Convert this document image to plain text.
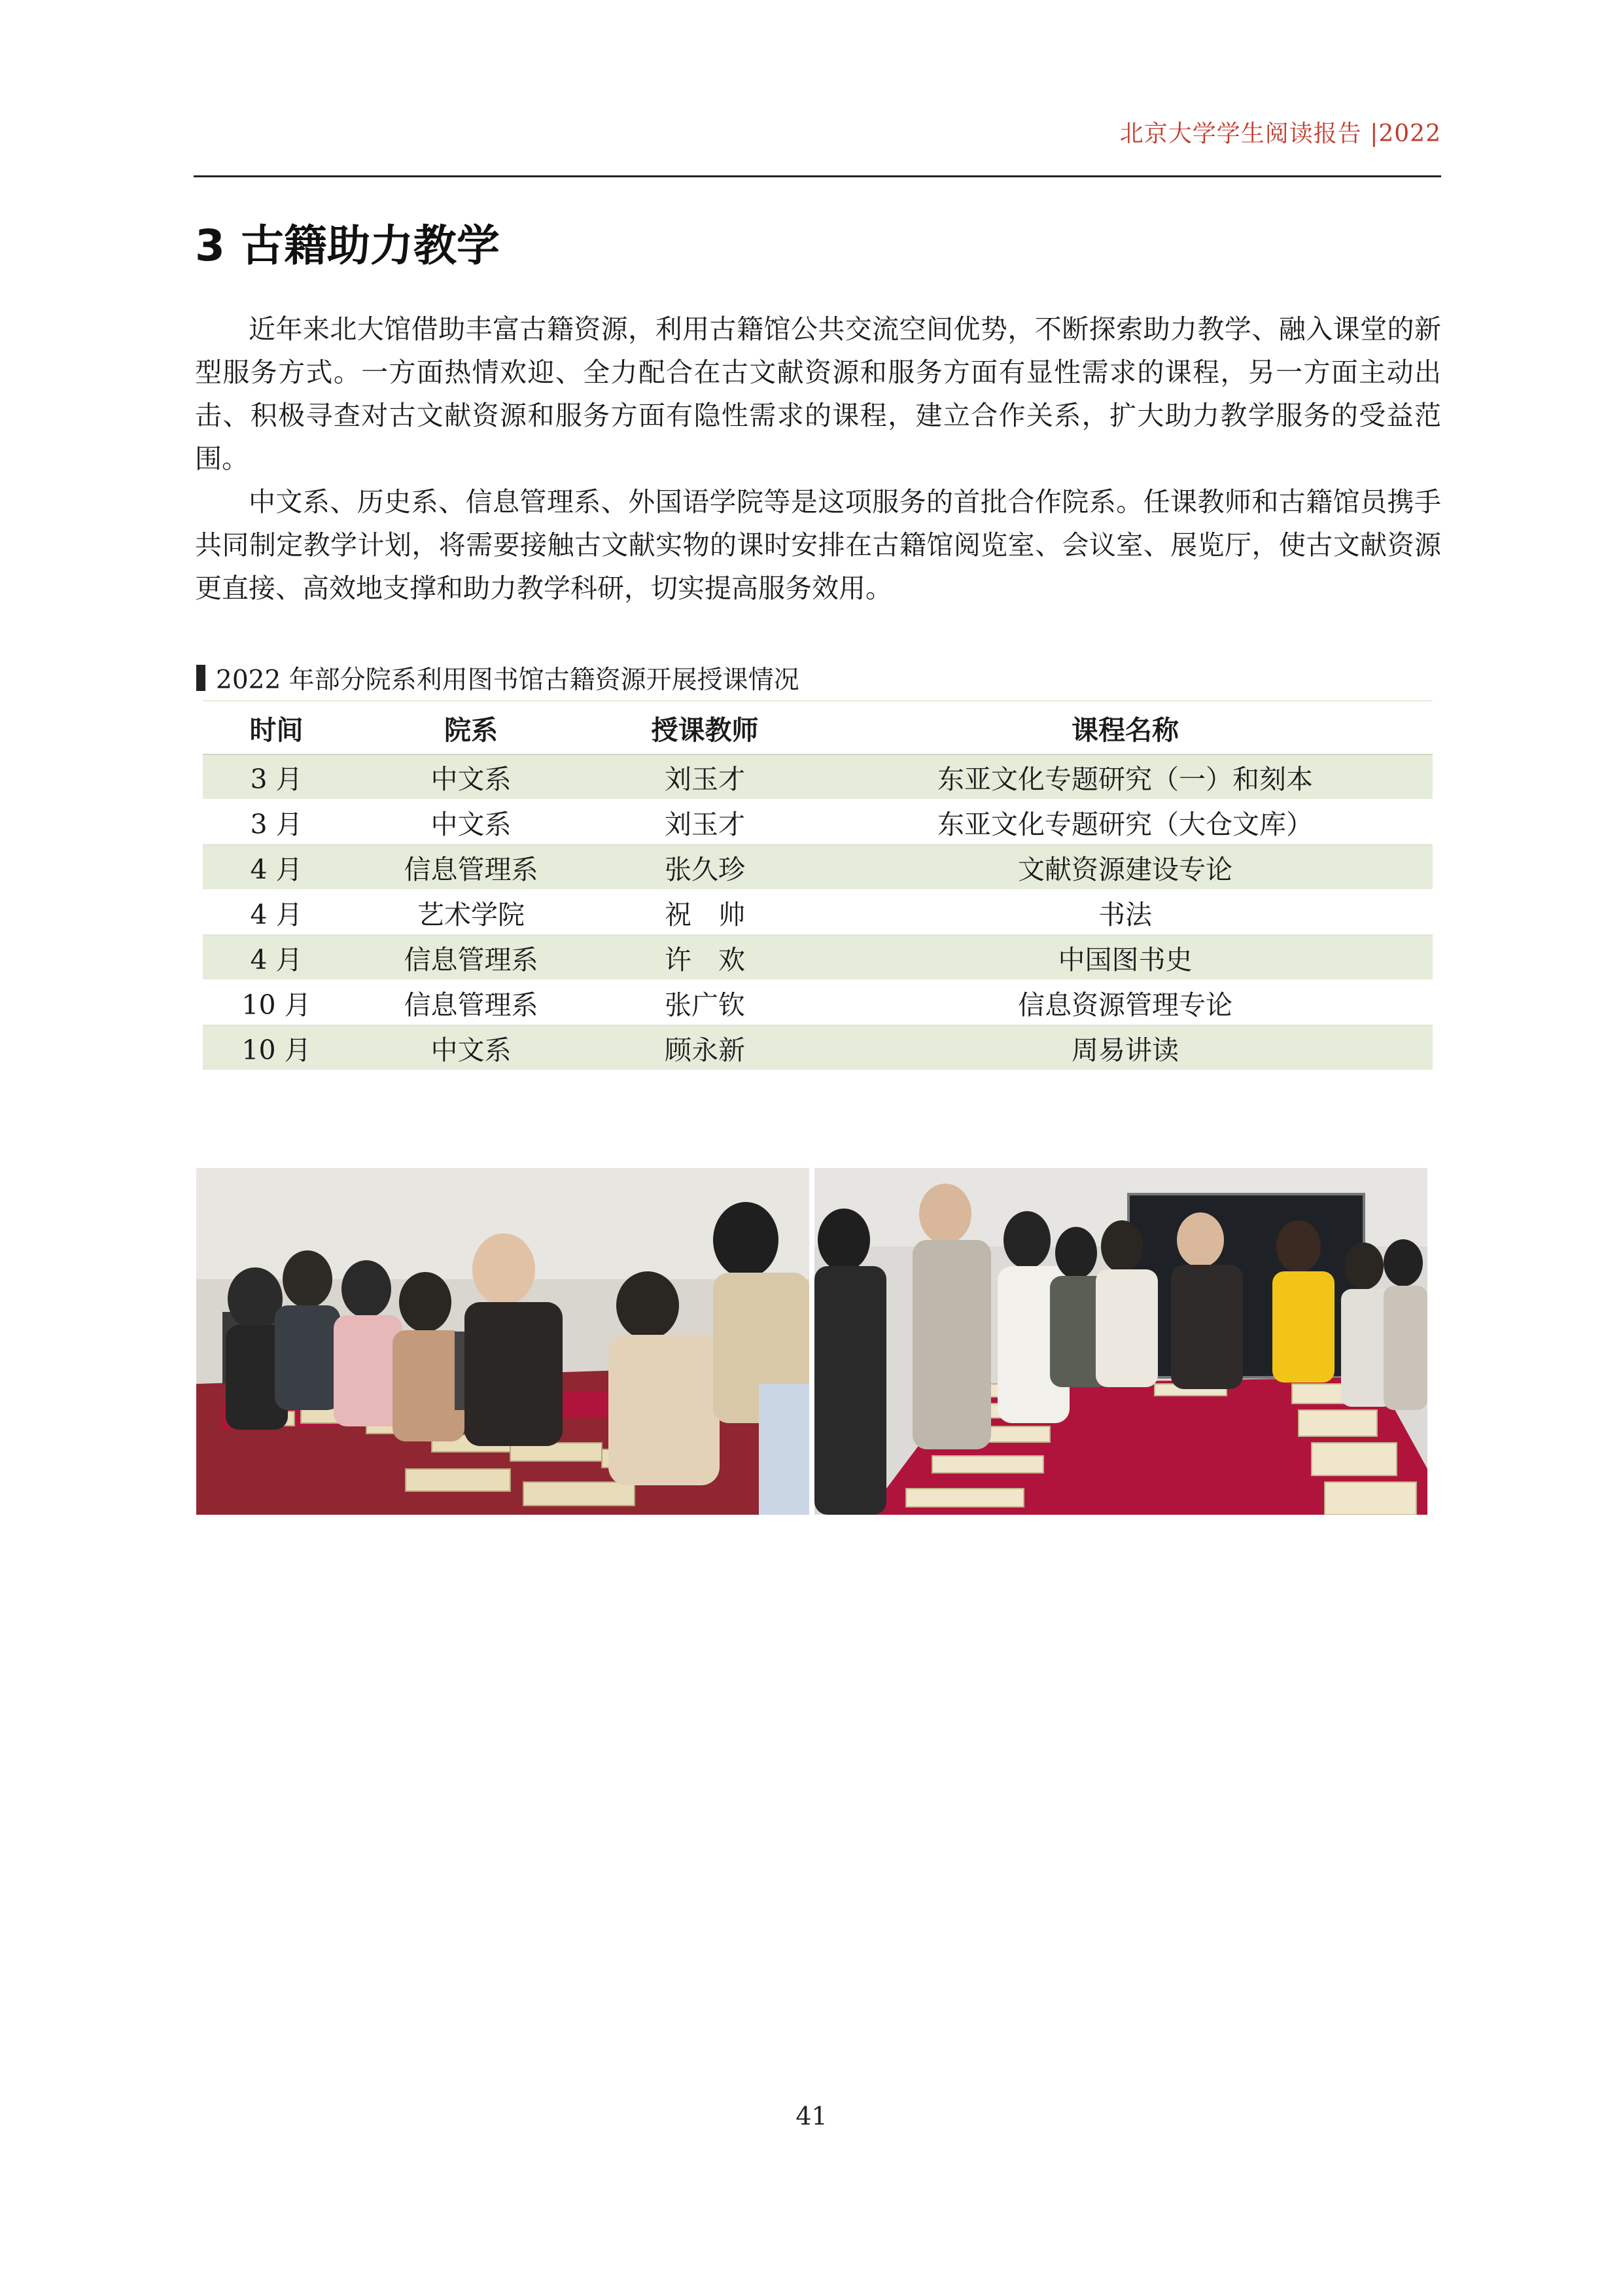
北京大学学生阅读报告 |2022
3 古籍助力教学

近年来北大馆借助丰富古籍资源，利用古籍馆公共交流空间优势，不断探索助力教学、融入课堂的新型服务方式。一方面热情欢迎、全力配合在古文献资源和服务方面有显性需求的课程，另一方面主动出击、积极寻查对古文献资源和服务方面有隐性需求的课程，建立合作关系，扩大助力教学服务的受益范围。

中文系、历史系、信息管理系、外国语学院等是这项服务的首批合作院系。任课教师和古籍馆员携手共同制定教学计划，将需要接触古文献实物的课时安排在古籍馆阅览室、会议室、展览厅，使古文献资源更直接、高效地支撑和助力教学科研，切实提高服务效用。

2022 年部分院系利用图书馆古籍资源开展授课情况
时间	院系	授课教师	课程名称
3 月	中文系	刘玉才	东亚文化专题研究（一）和刻本
3 月	中文系	刘玉才	东亚文化专题研究（大仓文库）
4 月	信息管理系	张久珍	文献资源建设专论
4 月	艺术学院	祝　帅	书法
4 月	信息管理系	许　欢	中国图书史
10 月	信息管理系	张广钦	信息资源管理专论
10 月	中文系	顾永新	周易讲读
41
